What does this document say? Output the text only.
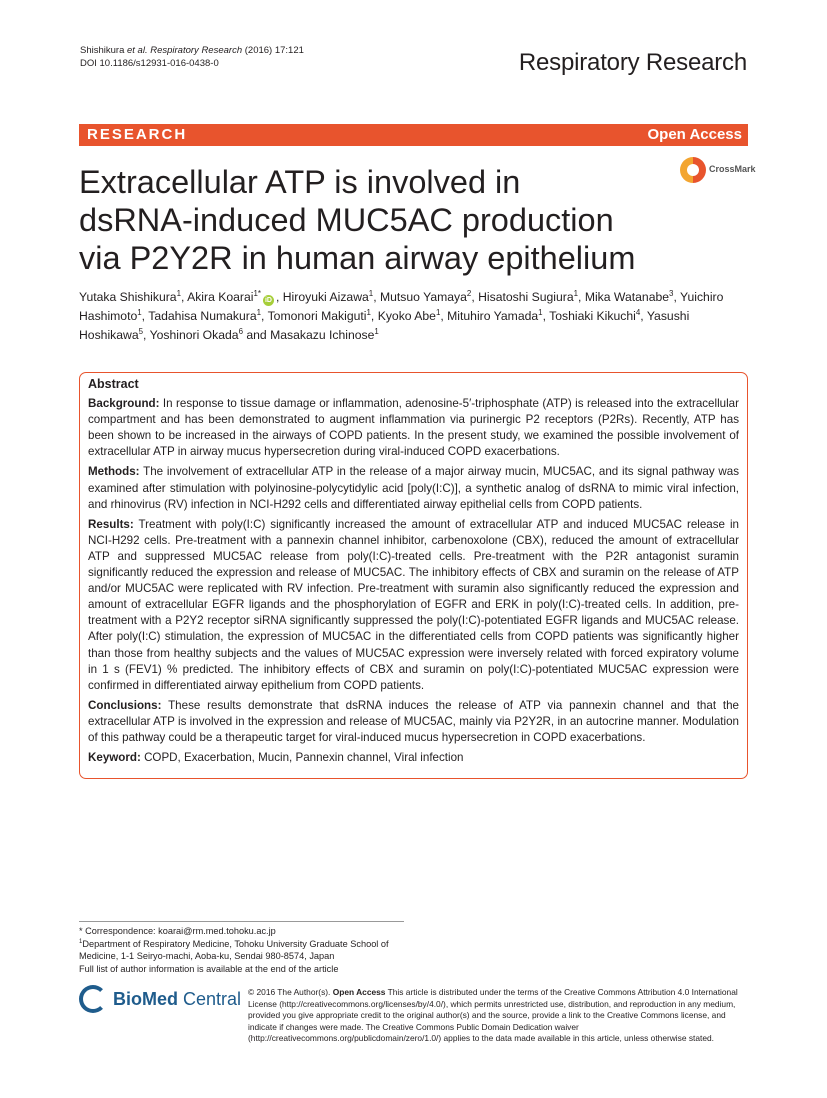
Shishikura et al. Respiratory Research (2016) 17:121
DOI 10.1186/s12931-016-0438-0	Respiratory Research
RESEARCH	Open Access
CrossMark
Extracellular ATP is involved in dsRNA-induced MUC5AC production via P2Y2R in human airway epithelium
Yutaka Shishikura$^1$, Akira Koarai$^{1*}$iD , Hiroyuki Aizawa$^1$, Mutsuo Yamaya$^2$, Hisatoshi Sugiura$^1$, Mika Watanabe$^3$, Yuichiro Hashimoto$^1$, Tadahisa Numakura$^1$, Tomonori Makiguti$^1$, Kyoko Abe$^1$, Mituhiro Yamada$^1$, Toshiaki Kikuchi$^4$, Yasushi Hoshikawa$^5$, Yoshinori Okada$^6$ and Masakazu Ichinose$^1$
Abstract

Background: In response to tissue damage or inflammation, adenosine-5′-triphosphate (ATP) is released into the extracellular compartment and has been demonstrated to augment inflammation via purinergic P2 receptors (P2Rs). Recently, ATP has been shown to be increased in the airways of COPD patients. In the present study, we examined the possible involvement of extracellular ATP in airway mucus hypersecretion during viral-induced COPD exacerbations.

Methods: The involvement of extracellular ATP in the release of a major airway mucin, MUC5AC, and its signal pathway was examined after stimulation with polyinosine-polycytidylic acid [poly(I:C)], a synthetic analog of dsRNA to mimic viral infection, and rhinovirus (RV) infection in NCI-H292 cells and differentiated airway epithelial cells from COPD patients.

Results: Treatment with poly(I:C) significantly increased the amount of extracellular ATP and induced MUC5AC release in NCI-H292 cells. Pre-treatment with a pannexin channel inhibitor, carbenoxolone (CBX), reduced the amount of extracellular ATP and suppressed MUC5AC release from poly(I:C)-treated cells. Pre-treatment with the P2R antagonist suramin significantly reduced the expression and release of MUC5AC. The inhibitory effects of CBX and suramin on the release of ATP and/or MUC5AC were replicated with RV infection. Pre-treatment with suramin also significantly reduced the expression and amount of extracellular EGFR ligands and the phosphorylation of EGFR and ERK in poly(I:C)-treated cells. In addition, pre-treatment with a P2Y2 receptor siRNA significantly suppressed the poly(I:C)-potentiated EGFR ligands and MUC5AC release. After poly(I:C) stimulation, the expression of MUC5AC in the differentiated cells from COPD patients was significantly higher than those from healthy subjects and the values of MUC5AC expression were inversely related with forced expiratory volume in 1 s (FEV1) % predicted. The inhibitory effects of CBX and suramin on poly(I:C)-potentiated MUC5AC expression were confirmed in differentiated airway epithelium from COPD patients.

Conclusions: These results demonstrate that dsRNA induces the release of ATP via pannexin channel and that the extracellular ATP is involved in the expression and release of MUC5AC, mainly via P2Y2R, in an autocrine manner. Modulation of this pathway could be a therapeutic target for viral-induced mucus hypersecretion in COPD exacerbations.

Keyword: COPD, Exacerbation, Mucin, Pannexin channel, Viral infection

* Correspondence: koarai@rm.med.tohoku.ac.jp
$^1$Department of Respiratory Medicine, Tohoku University Graduate School of Medicine, 1-1 Seiryo-machi, Aoba-ku, Sendai 980-8574, Japan
Full list of author information is available at the end of the article
BioMed Central © 2016 The Author(s). Open Access This article is distributed under the terms of the Creative Commons Attribution 4.0 International License (http://creativecommons.org/licenses/by/4.0/), which permits unrestricted use, distribution, and reproduction in any medium, provided you give appropriate credit to the original author(s) and the source, provide a link to the Creative Commons license, and indicate if changes were made. The Creative Commons Public Domain Dedication waiver (http://creativecommons.org/publicdomain/zero/1.0/) applies to the data made available in this article, unless otherwise stated.
